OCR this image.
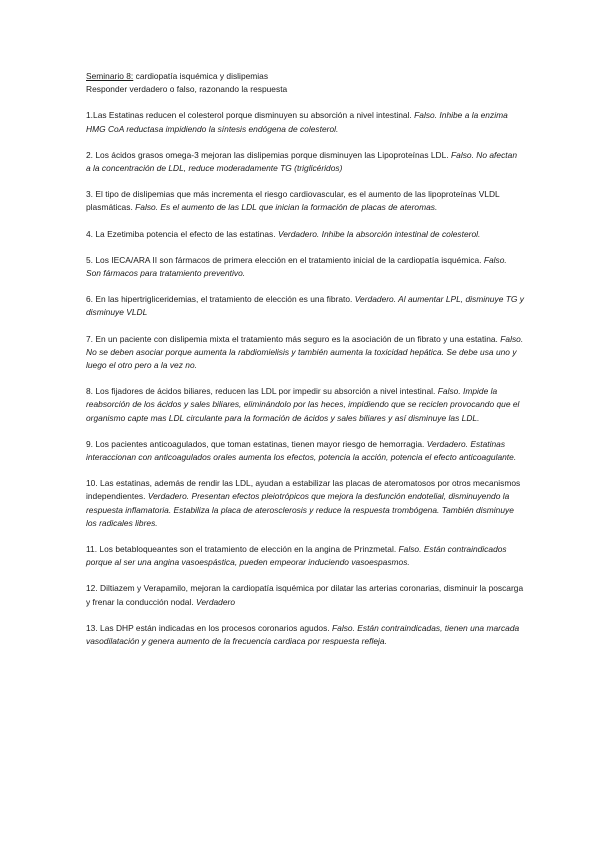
Seminario 8: cardiopatía isquémica y dislipemias

Responder verdadero o falso, razonando la respuesta

1.Las Estatinas reducen el colesterol porque disminuyen su absorción a nivel intestinal. Falso. Inhibe a la enzima HMG CoA reductasa impidiendo la síntesis endógena de colesterol.

2. Los ácidos grasos omega-3 mejoran las dislipemias porque disminuyen las Lipoproteínas LDL. Falso. No afectan a la concentración de LDL, reduce moderadamente TG (triglicéridos)

3. El tipo de dislipemias que más incrementa el riesgo cardiovascular, es el aumento de las lipoproteínas VLDL plasmáticas. Falso. Es el aumento de las LDL que inician la formación de placas de ateromas.

4. La Ezetimiba potencia el efecto de las estatinas. Verdadero. Inhibe la absorción intestinal de colesterol.

5. Los IECA/ARA II son fármacos de primera elección en el tratamiento inicial de la cardiopatía isquémica. Falso. Son fármacos para tratamiento preventivo.

6. En las hipertrigliceridemias, el tratamiento de elección es una fibrato. Verdadero. Al aumentar LPL, disminuye TG y disminuye VLDL

7. En un paciente con dislipemia mixta el tratamiento más seguro es la asociación de un fibrato y una estatina. Falso. No se deben asociar porque aumenta la rabdiomielisis y también aumenta la toxicidad hepática. Se debe usa uno y luego el otro pero a la vez no.

8. Los fijadores de ácidos biliares, reducen las LDL por impedir su absorción a nivel intestinal. Falso. Impide la reabsorción de los ácidos y sales biliares, eliminándolo por las heces, impidiendo que se reciclen provocando que el organismo capte mas LDL circulante para la formación de ácidos y sales biliares y así disminuye las LDL.

9. Los pacientes anticoagulados, que toman estatinas, tienen mayor riesgo de hemorragia. Verdadero. Estatinas interaccionan con anticoagulados orales aumenta los efectos, potencia la acción, potencia el efecto anticoagulante.

10. Las estatinas, además de rendir las LDL, ayudan a estabilizar las placas de ateromatosos por otros mecanismos independientes. Verdadero. Presentan efectos pleiotrópicos que mejora la desfunción endotelial, disminuyendo la respuesta inflamatoria. Estabiliza la placa de aterosclerosis y reduce la respuesta trombógena. También disminuye los radicales libres.

11. Los betabloqueantes son el tratamiento de elección en la angina de Prinzmetal. Falso. Están contraindicados porque al ser una angina vasoespástica, pueden empeorar induciendo vasoespasmos.

12. Diltiazem y Verapamilo, mejoran la cardiopatía isquémica por dilatar las arterias coronarias, disminuir la poscarga y frenar la conducción nodal. Verdadero

13. Las DHP están indicadas en los procesos coronarios agudos. Falso. Están contraindicadas, tienen una marcada vasodilatación y genera aumento de la frecuencia cardiaca por respuesta refleja.
